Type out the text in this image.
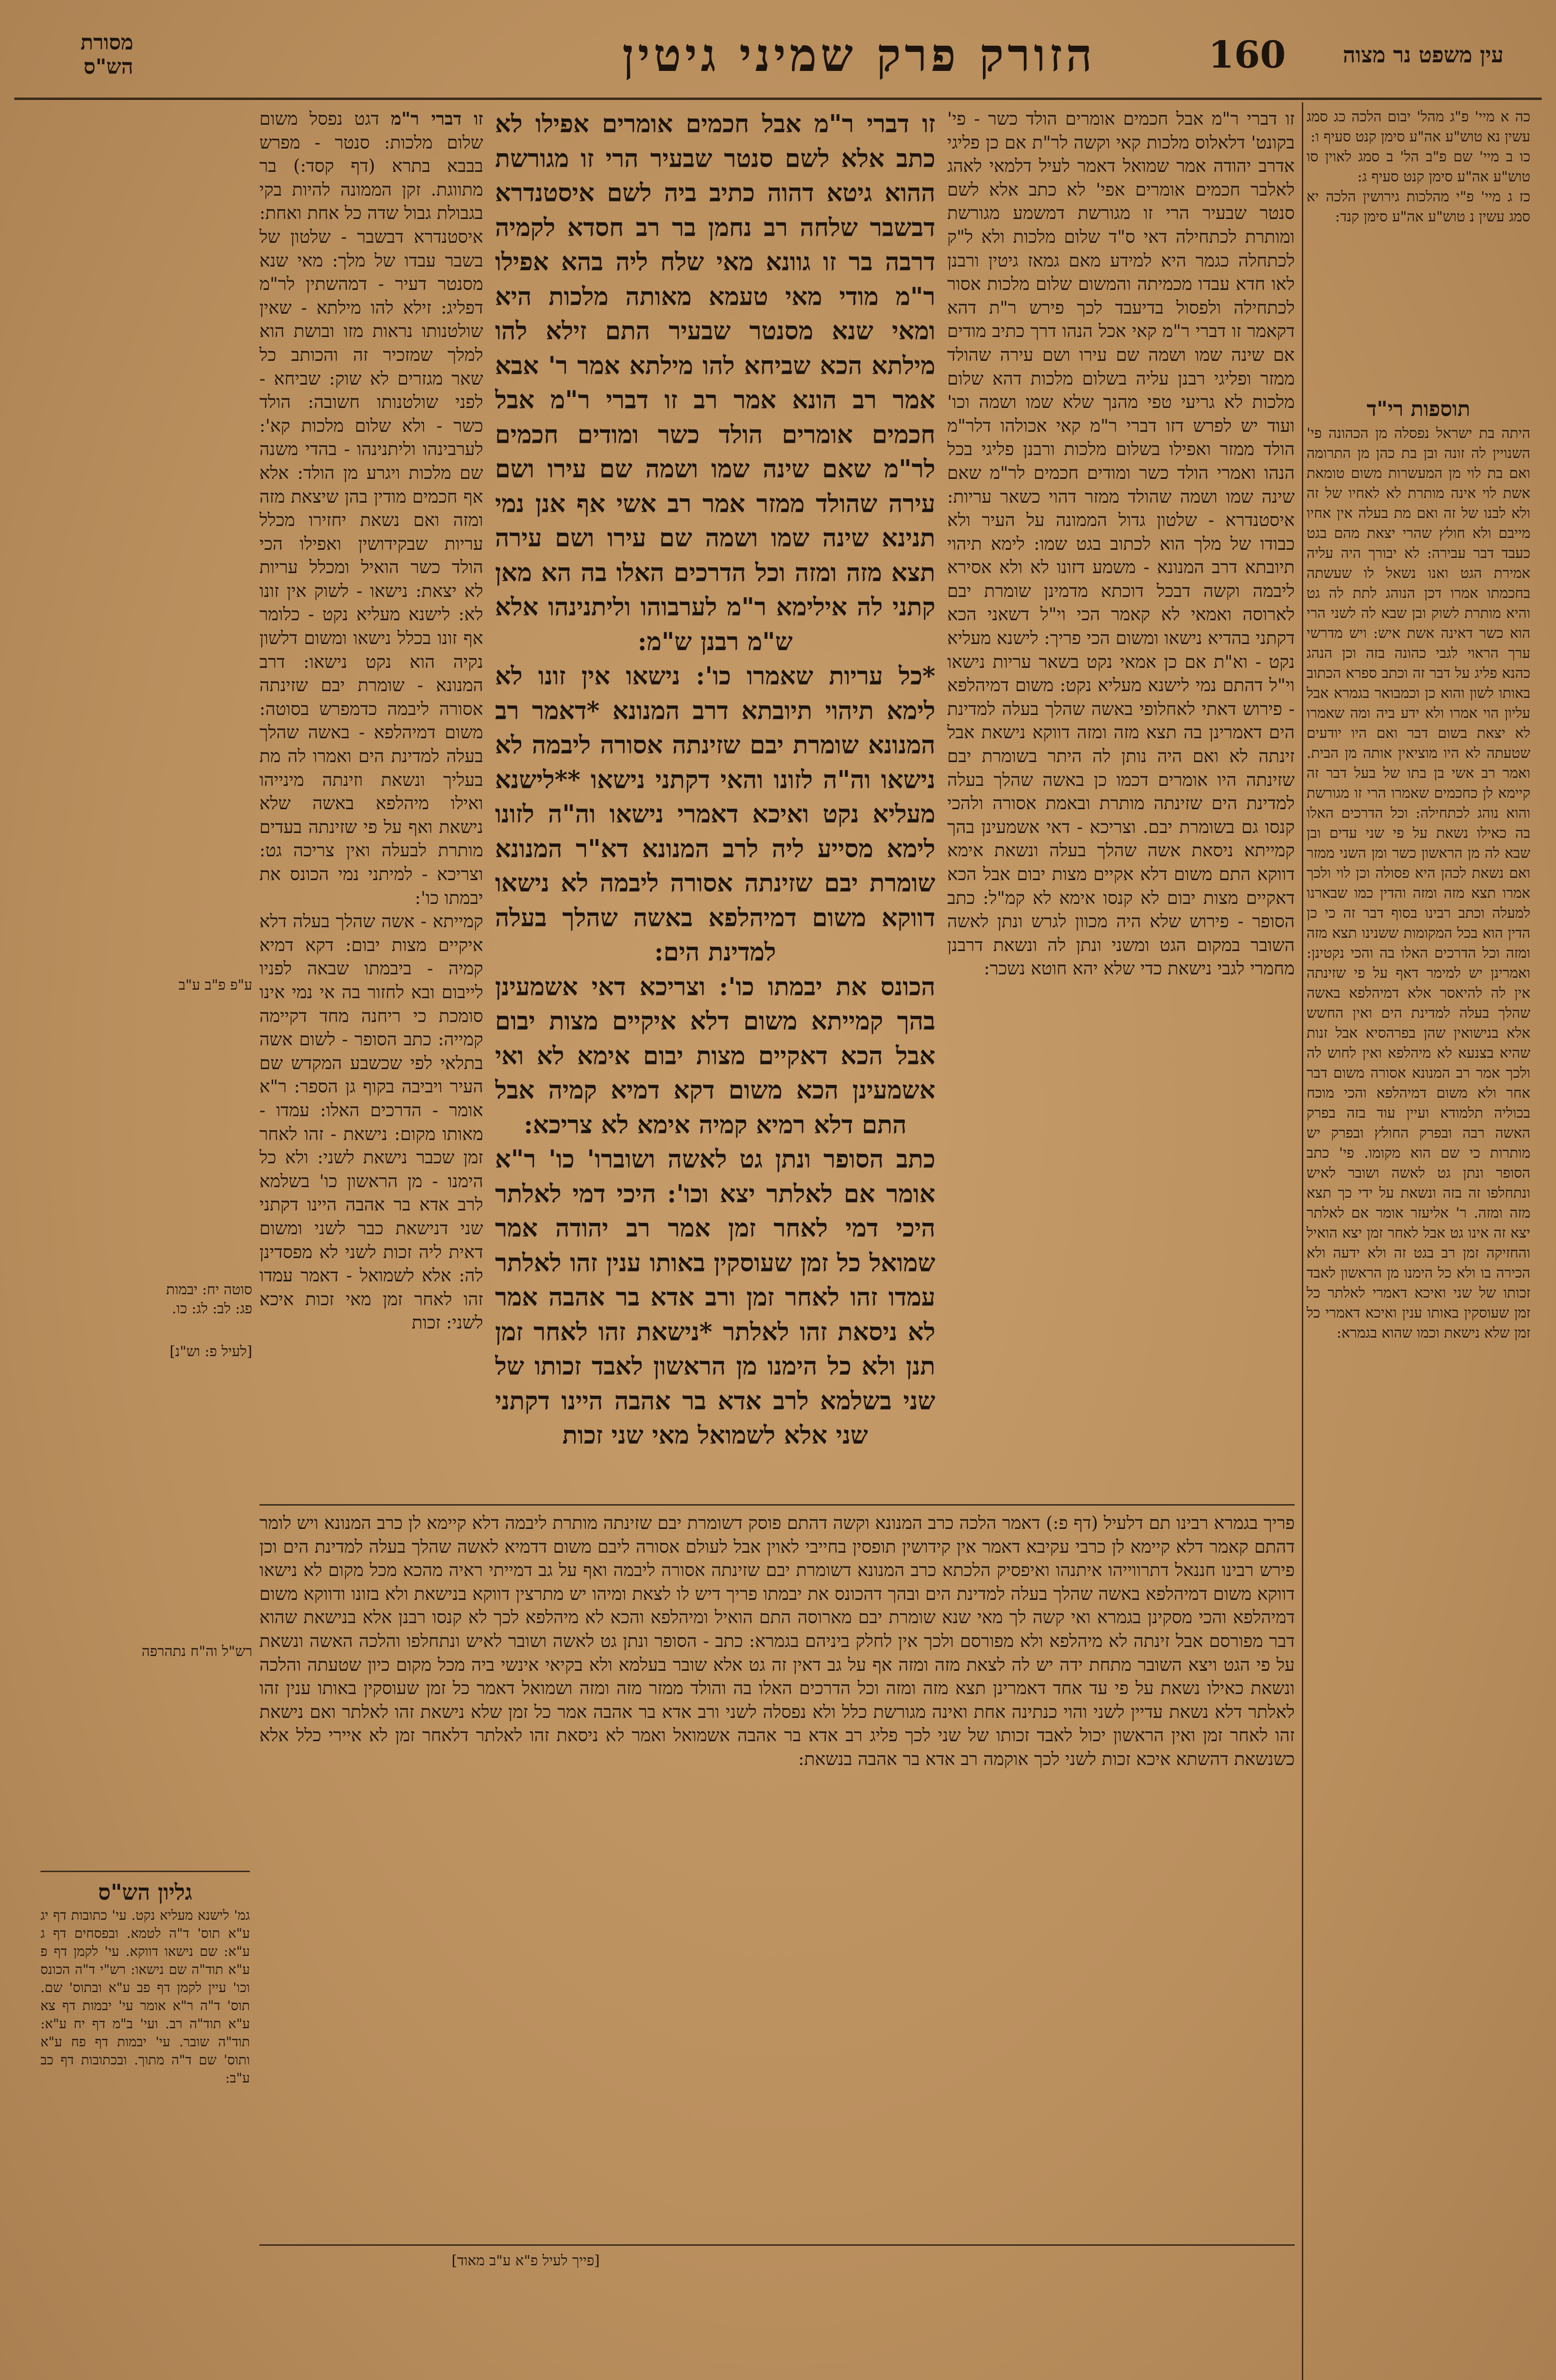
מסורת הש"ס	הזורק פרק שמיני גיטין	160	עין משפט נר מצוה

כה א מיי' פ"ג מהל' יבום הלכה כג סמג עשין נא טוש"ע אה"ע סימן קנט סעיף ו:

כו ב מיי' שם פ"ב הל' ב סמג לאוין סו טוש"ע אה"ע סימן קנט סעיף ג:

כז ג מיי' פ"י מהלכות גירושין הלכה יא סמג עשין נ טוש"ע אה"ע סימן קנד:

תוספות רי"ד

היתה בת ישראל נפסלה מן הכהונה פי' השנויין לה זונה ובן בת כהן מן התרומה ואם בת לוי מן המעשרות משום טומאת אשת לוי אינה מותרת לא לאחיו של זה ולא לבנו של זה ואם מת בעלה אין אחיו מייבם ולא חולץ שהרי יצאת מהם בגט כעבד דבר עבירה: לא יבורך היה עליה אמירת הגט ואנו נשאל לו שעשתה בחכמתו אמרו דכן הנוהג לתת לה גט והיא מותרת לשוק ובן שבא לה לשני הרי הוא כשר דאינה אשת איש: ויש מדרשי ערך הראוי לגבי כהונה בזה וכן הנהג כהנא פליג על דבר זה וכתב ספרא הכתוב באותו לשון והוא כן וכמבואר בגמרא אבל עליון הוי אמרו ולא ידע ביה ומה שאמרו לא יצאת בשום דבר ואם היו יודעים שטעתה לא היו מוציאין אותה מן הבית. ואמר רב אשי בן בתו של בעל דבר זה קיימא לן כחכמים שאמרו הרי זו מגורשת והוא נוהג לכתחילה: וכל הדרכים האלו בה כאילו נשאת על פי שני עדים ובן שבא לה מן הראשון כשר ומן השני ממזר ואם נשאת לכהן היא פסולה וכן לוי ולכך אמרו תצא מזה ומזה והדין כמו שבארנו למעלה וכתב רבינו בסוף דבר זה כי כן הדין הוא בכל המקומות ששנינו תצא מזה ומזה וכל הדרכים האלו בה והכי נקטינן: ואמרינן יש למימר דאף על פי שזינתה אין לה להיאסר אלא דמיהלפא באשה שהלך בעלה למדינת הים ואין החשש אלא בנישואין שהן בפרהסיא אבל זנות שהיא בצנעא לא מיהלפא ואין לחוש לה ולכך אמר רב המנונא אסורה משום דבר אחר ולא משום דמיהלפא והכי מוכח בכוליה תלמודא ועיין עוד בזה בפרק האשה רבה ובפרק החולץ ובפרק יש מותרות כי שם הוא מקומו. פי' כתב הסופר ונתן גט לאשה ושובר לאיש ונתחלפו זה בזה ונשאת על ידי כך תצא מזה ומזה. ר' אליעזר אומר אם לאלתר יצא זה אינו גט אבל לאחר זמן יצא הואיל והחזיקה זמן רב בגט זה ולא ידעה ולא הכירה בו ולא כל הימנו מן הראשון לאבד זכותו של שני ואיכא דאמרי לאלתר כל זמן שעוסקין באותו ענין ואיכא דאמרי כל זמן שלא נישאת וכמו שהוא בגמרא:

זו דברי ר"מ אבל חכמים אומרים הולד כשר - פי' בקונט' דלאלוס מלכות קאי וקשה לר"ת אם כן פליגי אדרב יהודה אמר שמואל דאמר לעיל דלמאי לאהג לאלבר חכמים אומרים אפי' לא כתב אלא לשם סנטר שבעיר הרי זו מגורשת דמשמע מגורשת ומותרת לכתחילה דאי ס"ד שלום מלכות ולא ל"ק לכתחלה כגמר היא למידע מאם גמאז גיטין ורבנן לאו חדא עבדו מכמיתה והמשום שלום מלכות אסור לכתחילה ולפסול בדיעבד לכך פירש ר"ת דהא דקאמר זו דברי ר"מ קאי אכל הנהו דרך כתיב מודים אם שינה שמו ושמה שם עירו ושם עירה שהולד ממזר ופליגי רבנן עליה בשלום מלכות דהא שלום מלכות לא גריעי טפי מהנך שלא שמו ושמה וכו' ועוד יש לפרש דזו דברי ר"מ קאי אכולהו דלר"מ הולד ממזר ואפילו בשלום מלכות ורבנן פליגי בכל הנהו ואמרי הולד כשר ומודים חכמים לר"מ שאם שינה שמו ושמה שהולד ממזר דהוי כשאר עריות: איסטנדרא - שלטון גדול הממונה על העיר ולא כבודו של מלך הוא לכתוב בגט שמו: לימא תיהוי תיובתא דרב המנונא - משמע דזונו לא ולא אסירא ליבמה וקשה דבכל דוכתא מדמינן שומרת יבם לארוסה ואמאי לא קאמר הכי וי"ל דשאני הכא דקתני בהדיא נישאו ומשום הכי פריך: לישנא מעליא נקט - וא"ת אם כן אמאי נקט בשאר עריות נישאו וי"ל דהתם נמי לישנא מעליא נקט: משום דמיהלפא - פירוש דאתי לאחלופי באשה שהלך בעלה למדינת הים דאמרינן בה תצא מזה ומזה דווקא נישאת אבל זינתה לא ואם היה נותן לה היתר בשומרת יבם שזינתה היו אומרים דכמו כן באשה שהלך בעלה למדינת הים שזינתה מותרת ובאמת אסורה ולהכי קנסו גם בשומרת יבם. וצריכא - דאי אשמעינן בהך קמייתא ניסאת אשה שהלך בעלה ונשאת אימא דווקא התם משום דלא אקיים מצות יבום אבל הכא דאקיים מצות יבום לא קנסו אימא לא קמ"ל: כתב הסופר - פירוש שלא היה מכוון לגרש ונתן לאשה השובר במקום הגט ומשני ונתן לה ונשאת דרבנן מחמרי לגבי נישאת כדי שלא יהא חוטא נשכר:

זו דברי ר"מ אבל חכמים אומרים אפילו לא כתב אלא לשם סנטר שבעיר הרי זו מגורשת ההוא גיטא דהוה כתיב ביה לשם איסטנדרא דבשבר שלחה רב נחמן בר רב חסדא לקמיה דרבה בר זו גוונא מאי שלח ליה בהא אפילו ר"מ מודי מאי טעמא מאותה מלכות היא ומאי שנא מסנטר שבעיר התם זילא להו מילתא הכא שביחא להו מילתא אמר ר' אבא אמר רב הונא אמר רב זו דברי ר"מ אבל חכמים אומרים הולד כשר ומודים חכמים לר"מ שאם שינה שמו ושמה שם עירו ושם עירה שהולד ממזר אמר רב אשי אף אנן נמי תנינא שינה שמו ושמה שם עירו ושם עירה תצא מזה ומזה וכל הדרכים האלו בה הא מאן קתני לה אילימא ר"מ לערבוהו וליתנינהו אלא ש"מ רבנן ש"מ:

*כל עריות שאמרו כו': נישאו אין זונו לא לימא תיהוי תיובתא דרב המנונא *דאמר רב המנונא שומרת יבם שזינתה אסורה ליבמה לא נישאו וה"ה לזונו והאי דקתני נישאו **לישנא מעליא נקט ואיכא דאמרי נישאו וה"ה לזונו לימא מסייע ליה לרב המנונא דא"ר המנונא שומרת יבם שזינתה אסורה ליבמה לא נישאו דווקא משום דמיהלפא באשה שהלך בעלה למדינת הים:

הכונס את יבמתו כו': וצריכא דאי אשמעינן בהך קמייתא משום דלא איקיים מצות יבום אבל הכא דאקיים מצות יבום אימא לא ואי אשמעינן הכא משום דקא דמיא קמיה אבל התם דלא רמיא קמיה אימא לא צריכא:

כתב הסופר ונתן גט לאשה ושוברו' כו' ר"א אומר אם לאלתר יצא וכו': היכי דמי לאלתר היכי דמי לאחר זמן אמר רב יהודה אמר שמואל כל זמן שעוסקין באותו ענין זהו לאלתר עמדו זהו לאחר זמן ורב אדא בר אהבה אמר לא ניסאת זהו לאלתר *נישאת זהו לאחר זמן תנן ולא כל הימנו מן הראשון לאבד זכותו של שני בשלמא לרב אדא בר אהבה היינו דקתני שני אלא לשמואל מאי שני זכות

זו דברי ר"מ דגט נפסל משום שלום מלכות: סנטר - מפרש בבבא בתרא (דף קסד:) בר מתווגת. זקן הממונה להיות בקי בגבולת גבול שדה כל אחת ואחת: איסטנדרא דבשבר - שלטון של בשבר עבדו של מלך: מאי שנא מסנטר דעיר - דמהשתין לר"מ דפליג: זילא להו מילתא - שאין שולטנותו נראות מזו ובושת הוא למלך שמזכיר זה והכותב כל שאר מגזרים לא שוק: שביחא - לפני שולטנותו חשובה: הולד כשר - ולא שלום מלכות קא': לערבינהו וליתנינהו - בהדי משנה שם מלכות ויגרע מן הולד: אלא אף חכמים מודין בהן שיצאת מזה ומזה ואם נשאת יחזירו מכלל עריות שבקידושין ואפילו הכי הולד כשר הואיל ומכלל עריות לא יצאת: נישאו - לשוק אין זונו לא: לישנא מעליא נקט - כלומר אף זונו בכלל נישאו ומשום דלשון נקיה הוא נקט נישאו: דרב המנונא - שומרת יבם שזינתה אסורה ליבמה כדמפרש בסוטה: משום דמיהלפא - באשה שהלך בעלה למדינת הים ואמרו לה מת בעליך ונשאת וזינתה מינייהו ואילו מיהלפא באשה שלא נישאת ואף על פי שזינתה בעדים מותרת לבעלה ואין צריכה גט: וצריכא - למיתני נמי הכונס את יבמתו כו':

קמייתא - אשה שהלך בעלה דלא איקיים מצות יבום: דקא דמיא קמיה - ביבמתו שבאה לפניו לייבום ובא לחזור בה אי נמי אינו סומכת כי ריחנה מחד דקיימה קמייה: כתב הסופר - לשום אשה בתלאי לפי שכשבע המקדש שם העיר ויביבה בקוף גן הספר: ר"א אומר - הדרכים האלו: עמדו - מאותו מקום: נישאת - זהו לאחר זמן שכבר נישאת לשני: ולא כל הימנו - מן הראשון כו' בשלמא לרב אדא בר אהבה היינו דקתני שני דנישאת כבר לשני ומשום דאית ליה זכות לשני לא מפסדינן לה: אלא לשמואל - דאמר עמדו זהו לאחר זמן מאי זכות איכא לשני: זכות

ע"פ פ"ב ע"ב
סוטה יח: יבמות פג: לב: לג: כו.
[לעיל פ: וש"נ]
רש"ל וה"ח נתהרפה
גליון הש"ס

גמ' לישנא מעליא נקט. עי' כתובות דף יג ע"א תוס' ד"ה לטמא. ובפסחים דף ג ע"א: שם נישאו דווקא. עי' לקמן דף פ ע"א תוד"ה שם נישאו: רש"י ד"ה הכונס וכו' עיין לקמן דף פב ע"א ובתוס' שם. תוס' ד"ה ר"א אומר עי' יבמות דף צא ע"א תוד"ה רב. ועי' ב"מ דף יח ע"א: תוד"ה שובר. עי' יבמות דף פח ע"א ותוס' שם ד"ה מתוך. ובכתובות דף כב ע"ב:

פריך בגמרא רבינו תם דלעיל (דף פ:) דאמר הלכה כרב המנונא וקשה דהתם פוסק דשומרת יבם שזינתה מותרת ליבמה דלא קיימא לן כרב המנונא ויש לומר דהתם קאמר דלא קיימא לן כרבי עקיבא דאמר אין קידושין תופסין בחייבי לאוין אבל לעולם אסורה ליבם משום דדמיא לאשה שהלך בעלה למדינת הים וכן פירש רבינו חננאל דתרווייהו איתנהו ואיפסיק הלכתא כרב המנונא דשומרת יבם שזינתה אסורה ליבמה ואף על גב דמייתי ראיה מהכא מכל מקום לא נישאו דווקא משום דמיהלפא באשה שהלך בעלה למדינת הים ובהך דהכונס את יבמתו פריך דיש לו לצאת ומיהו יש מתרצין דווקא בנישאת ולא בזונו ודווקא משום דמיהלפא והכי מסקינן בגמרא ואי קשה לך מאי שנא שומרת יבם מארוסה התם הואיל ומיהלפא והכא לא מיהלפא לכך לא קנסו רבנן אלא בנישאת שהוא דבר מפורסם אבל זינתה לא מיהלפא ולא מפורסם ולכך אין לחלק ביניהם בגמרא: כתב - הסופר ונתן גט לאשה ושובר לאיש ונתחלפו והלכה האשה ונשאת על פי הגט ויצא השובר מתחת ידה יש לה לצאת מזה ומזה אף על גב דאין זה גט אלא שובר בעלמא ולא בקיאי אינשי ביה מכל מקום כיון שטעתה והלכה ונשאת כאילו נשאת על פי עד אחד דאמרינן תצא מזה ומזה וכל הדרכים האלו בה והולד ממזר מזה ומזה ושמואל דאמר כל זמן שעוסקין באותו ענין זהו לאלתר דלא נשאת עדיין לשני והוי כנתינה אחת ואינה מגורשת כלל ולא נפסלה לשני ורב אדא בר אהבה אמר כל זמן שלא נישאת זהו לאלתר ואם נישאת זהו לאחר זמן ואין הראשון יכול לאבד זכותו של שני לכך פליג רב אדא בר אהבה אשמואל ואמר לא ניסאת זהו לאלתר דלאחר זמן לא איירי כלל אלא כשנשאת דהשתא איכא זכות לשני לכך אוקמה רב אדא בר אהבה בנשאת:

[פייך לעיל פ"א ע"ב מאוד]
